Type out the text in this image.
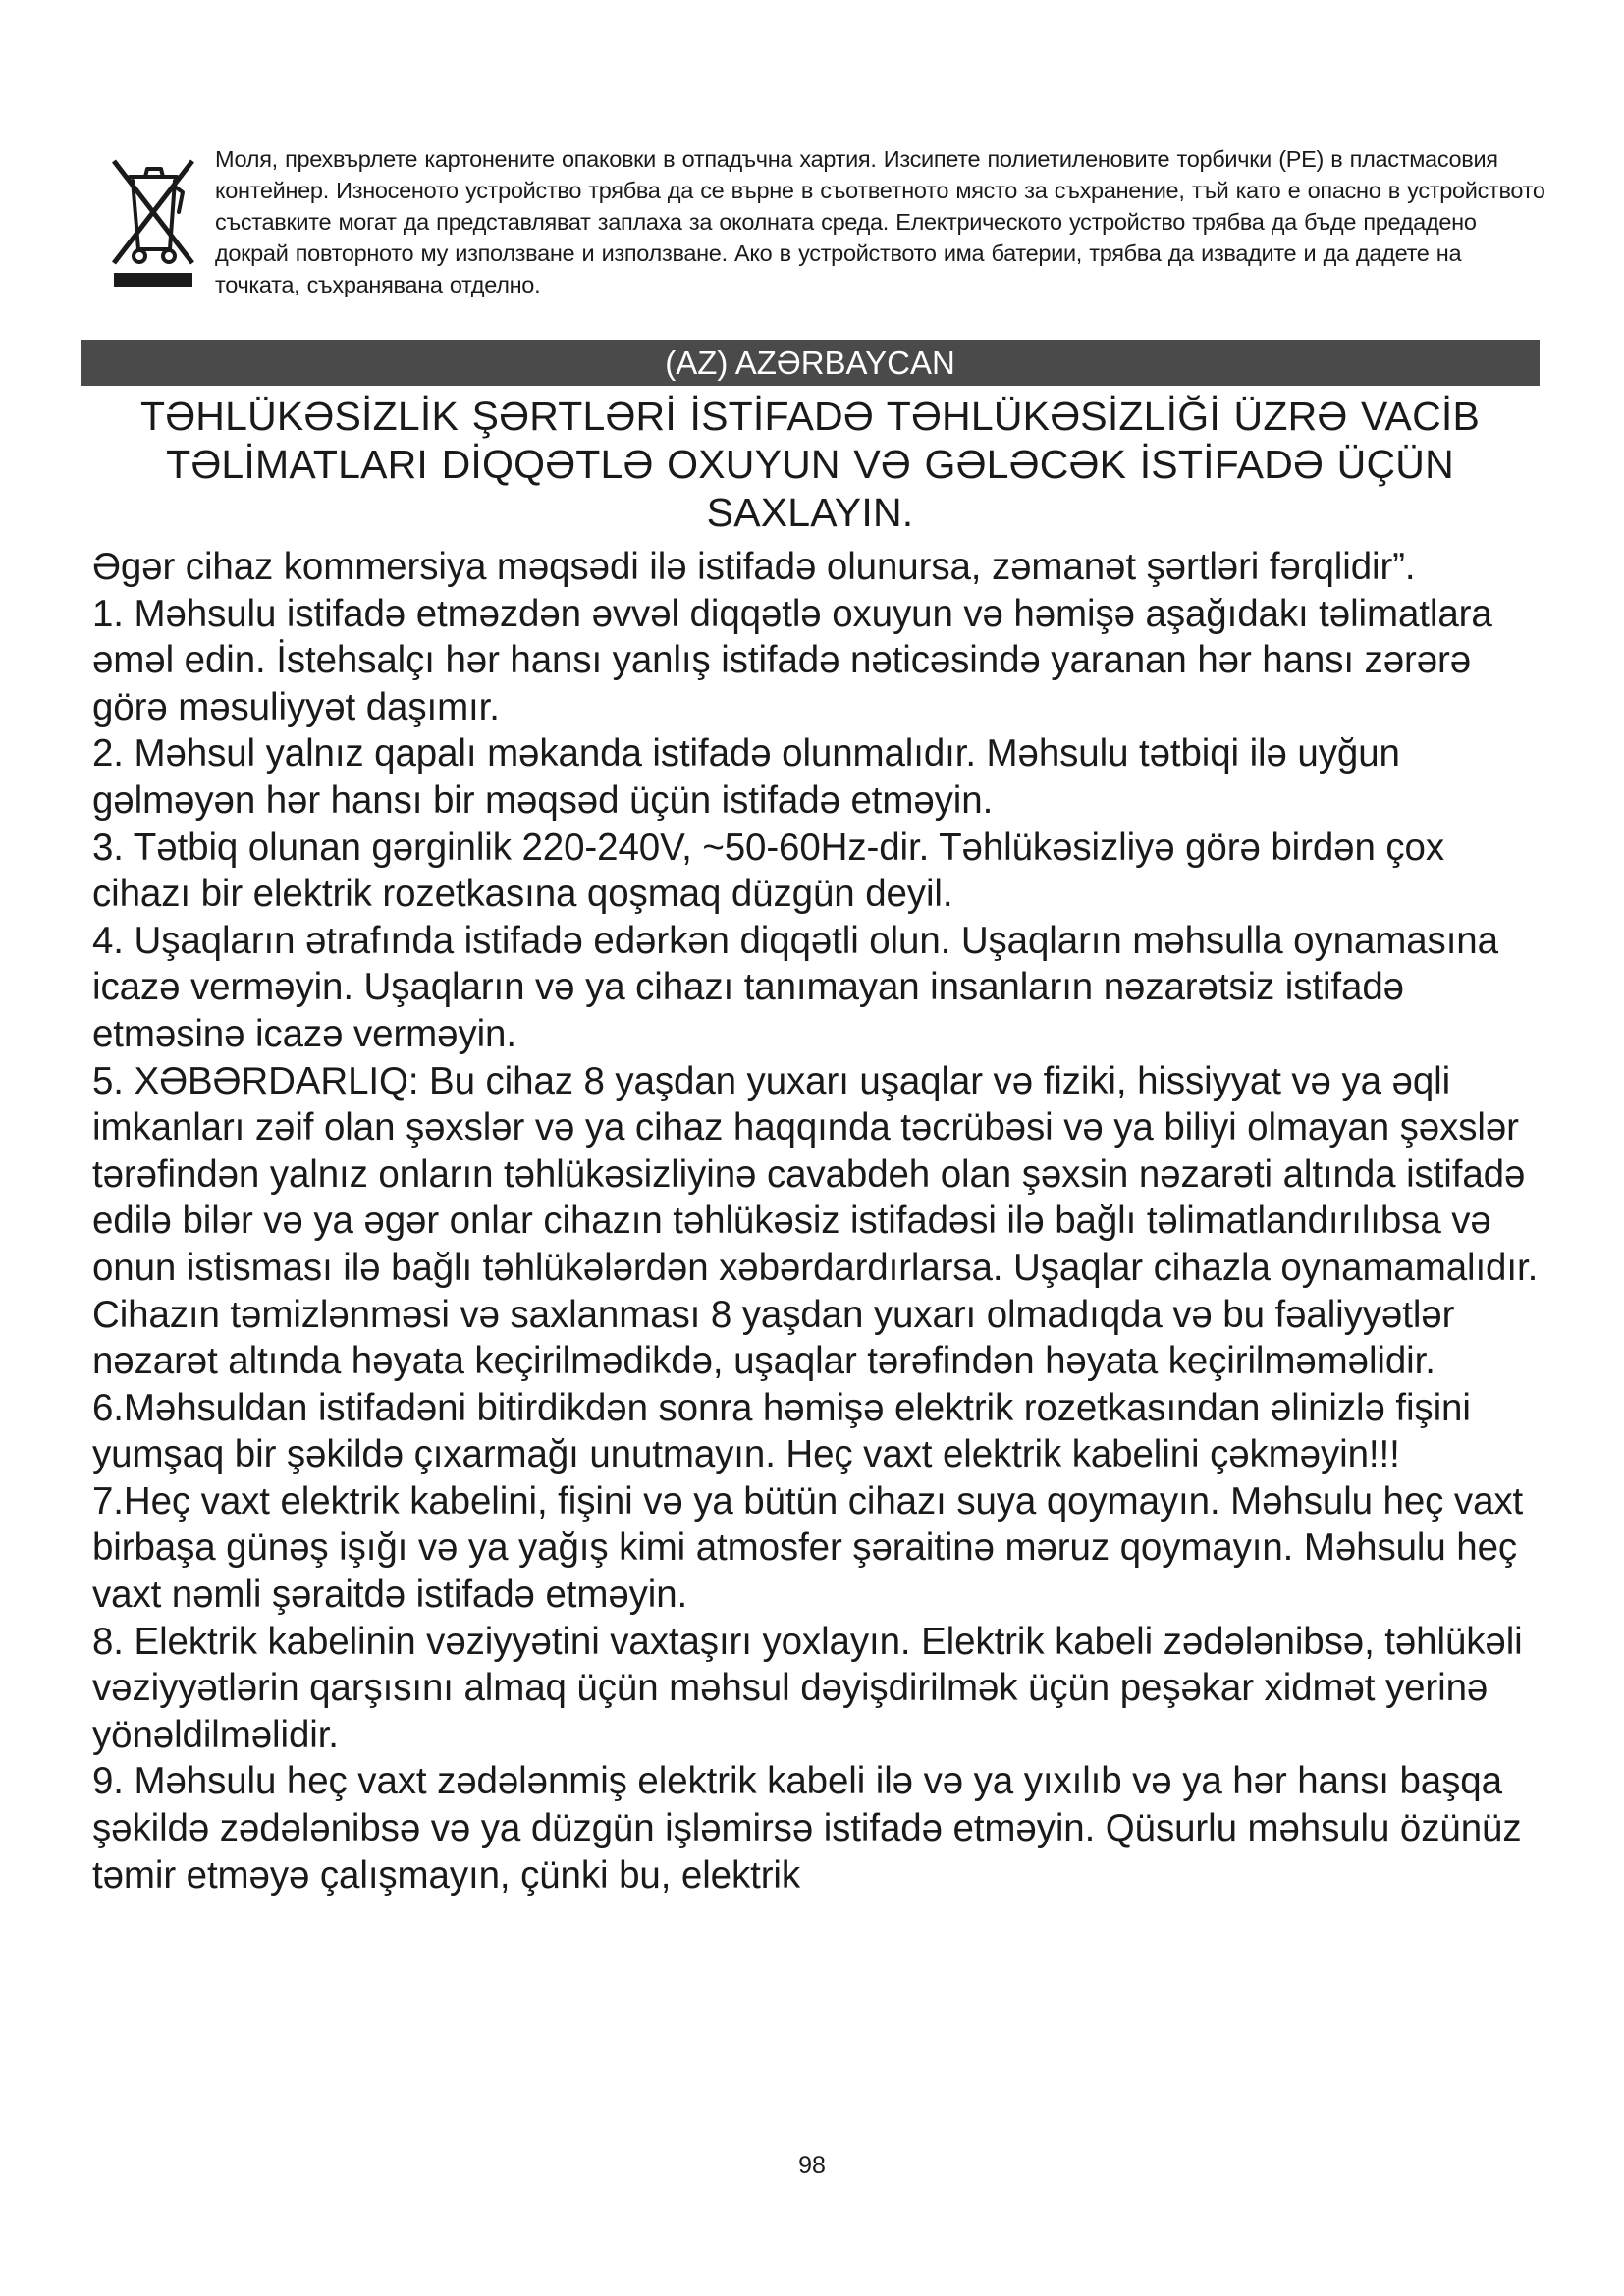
Моля, прехвърлете картонените опаковки в отпадъчна хартия. Изсипете полиетиленовите торбички (PE) в пластмасовия контейнер. Износеното устройство трябва да се върне в съответното място за съхранение, тъй като е опасно в устройството съставките могат да представляват заплаха за околната среда. Електрическото устройство трябва да бъде предадено докрай повторното му използване и използване. Ако в устройството има батерии, трябва да извадите и да дадете на точката, съхранявана отделно.
(AZ) AZƏRBAYCAN
TƏHLÜKƏSİZLİK ŞƏRTLƏRİ İSTİFADƏ TƏHLÜKƏSİZLİĞİ ÜZRƏ VACİB TƏLİMATLARI DİQQƏTLƏ OXUYUN VƏ GƏLƏCƏK İSTİFADƏ ÜÇÜN SAXLAYIN.

Əgər cihaz kommersiya məqsədi ilə istifadə olunursa, zəmanət şərtləri fərqlidir”.

1. Məhsulu istifadə etməzdən əvvəl diqqətlə oxuyun və həmişə aşağıdakı təlimatlara əməl edin. İstehsalçı hər hansı yanlış istifadə nəticəsində yaranan hər hansı zərərə görə məsuliyyət daşımır.

2. Məhsul yalnız qapalı məkanda istifadə olunmalıdır. Məhsulu tətbiqi ilə uyğun gəlməyən hər hansı bir məqsəd üçün istifadə etməyin.

3. Tətbiq olunan gərginlik 220-240V, ~50-60Hz-dir. Təhlükəsizliyə görə birdən çox cihazı bir elektrik rozetkasına qoşmaq düzgün deyil.

4. Uşaqların ətrafında istifadə edərkən diqqətli olun. Uşaqların məhsulla oynamasına icazə verməyin. Uşaqların və ya cihazı tanımayan insanların nəzarətsiz istifadə etməsinə icazə verməyin.

5. XƏBƏRDARLIQ: Bu cihaz 8 yaşdan yuxarı uşaqlar və fiziki, hissiyyat və ya əqli imkanları zəif olan şəxslər və ya cihaz haqqında təcrübəsi və ya biliyi olmayan şəxslər tərəfindən yalnız onların təhlükəsizliyinə cavabdeh olan şəxsin nəzarəti altında istifadə edilə bilər və ya əgər onlar cihazın təhlükəsiz istifadəsi ilə bağlı təlimatlandırılıbsa və onun istisması ilə bağlı təhlükələrdən xəbərdardırlarsa. Uşaqlar cihazla oynamamalıdır. Cihazın təmizlənməsi və saxlanması 8 yaşdan yuxarı olmadıqda və bu fəaliyyətlər nəzarət altında həyata keçirilmədikdə, uşaqlar tərəfindən həyata keçirilməməlidir.

6.Məhsuldan istifadəni bitirdikdən sonra həmişə elektrik rozetkasından əlinizlə fişini yumşaq bir şəkildə çıxarmağı unutmayın. Heç vaxt elektrik kabelini çəkməyin!!!

7.Heç vaxt elektrik kabelini, fişini və ya bütün cihazı suya qoymayın. Məhsulu heç vaxt birbaşa günəş işığı və ya yağış kimi atmosfer şəraitinə məruz qoymayın. Məhsulu heç vaxt nəmli şəraitdə istifadə etməyin.

8. Elektrik kabelinin vəziyyətini vaxtaşırı yoxlayın. Elektrik kabeli zədələnibsə, təhlükəli vəziyyətlərin qarşısını almaq üçün məhsul dəyişdirilmək üçün peşəkar xidmət yerinə yönəldilməlidir.

9. Məhsulu heç vaxt zədələnmiş elektrik kabeli ilə və ya yıxılıb və ya hər hansı başqa şəkildə zədələnibsə və ya düzgün işləmirsə istifadə etməyin. Qüsurlu məhsulu özünüz təmir etməyə çalışmayın, çünki bu, elektrik

98
